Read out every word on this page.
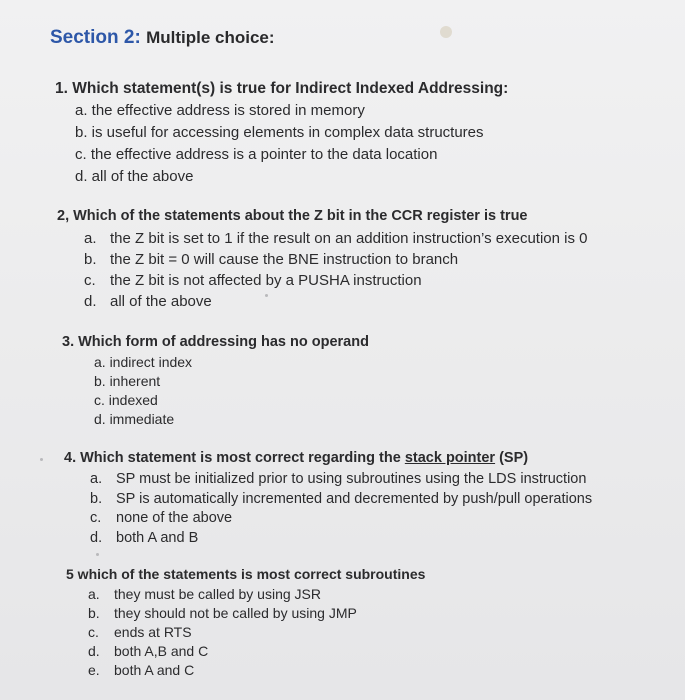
Section 2: Multiple choice:
1. Which statement(s) is true for Indirect Indexed Addressing:
a. the effective address is stored in memory
b. is useful for accessing elements in complex data structures
c. the effective address is a pointer to the data location
d. all of the above
2, Which of the statements about the Z bit in the CCR register is true
a. the Z bit is set to 1 if the result on an addition instruction’s execution is 0
b. the Z bit = 0 will cause the BNE instruction to branch
c. the Z bit is not affected by a PUSHA instruction
d. all of the above
3. Which form of addressing has no operand
a. indirect index
b. inherent
c. indexed
d. immediate
4. Which statement is most correct regarding the stack pointer (SP)
a. SP must be initialized prior to using subroutines using the LDS instruction
b. SP is automatically incremented and decremented by push/pull operations
c. none of the above
d. both A and B
5 which of the statements is most correct subroutines
a. they must be called by using JSR
b. they should not be called by using JMP
c. ends at RTS
d. both A,B and C
e. both A and C
